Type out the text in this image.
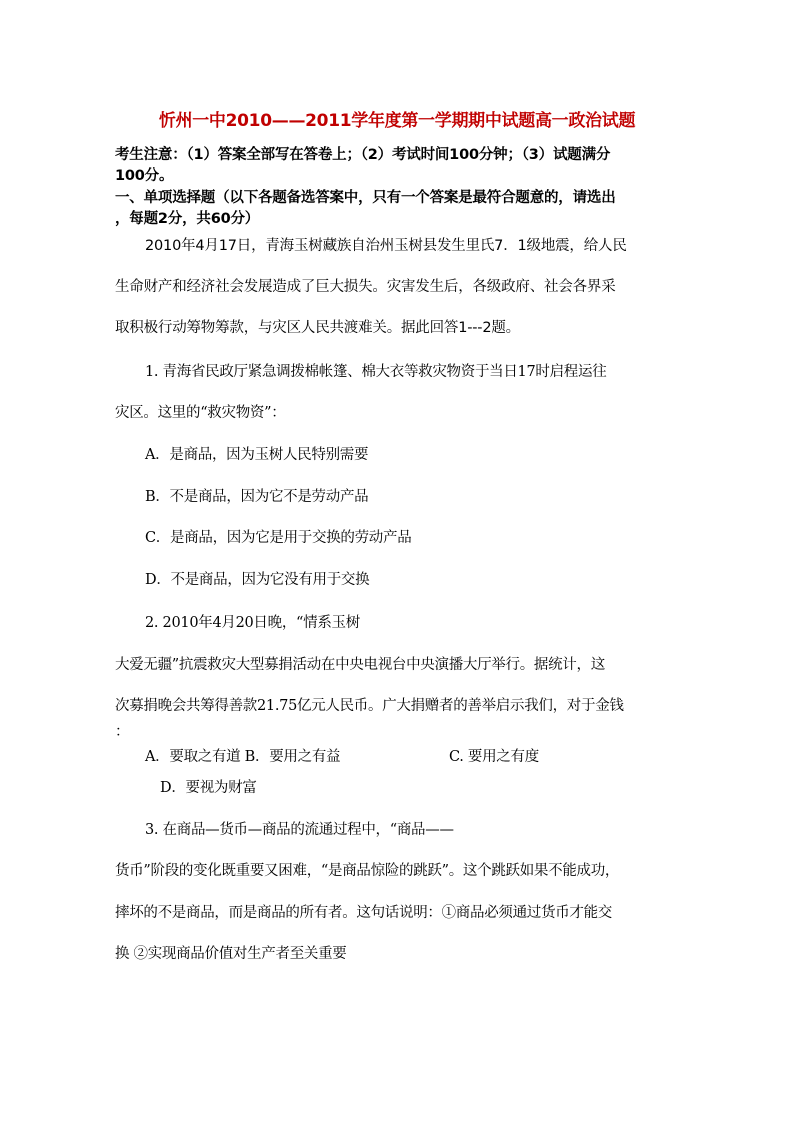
忻州一中2010——2011学年度第一学期期中试题高一政治试题
考生注意：（1）答案全部写在答卷上；（2）考试时间100分钟；（3）试题满分
100分。
一、单项选择题（以下各题备选答案中，只有一个答案是最符合题意的，请选出
，每题2分，共60分）
2010年4月17日，青海玉树藏族自治州玉树县发生里氏7．1级地震，给人民
生命财产和经济社会发展造成了巨大损失。灾害发生后，各级政府、社会各界采
取积极行动筹物筹款，与灾区人民共渡难关。据此回答1---2题。
1. 青海省民政厅紧急调拨棉帐篷、棉大衣等救灾物资于当日17时启程运往
灾区。这里的“救灾物资”：
A．是商品，因为玉树人民特别需要
B．不是商品，因为它不是劳动产品
C．是商品，因为它是用于交换的劳动产品
D．不是商品，因为它没有用于交换
2. 2010年4月20日晚，“情系玉树
大爱无疆”抗震救灾大型募捐活动在中央电视台中央演播大厅举行。据统计，这
次募捐晚会共筹得善款21.75亿元人民币。广大捐赠者的善举启示我们，对于金钱
：
A．要取之有道 B．要用之有益	C. 要用之有度
D．要视为财富
3. 在商品—货币—商品的流通过程中，“商品——
货币”阶段的变化既重要又困难，“是商品惊险的跳跃”。这个跳跃如果不能成功，
摔坏的不是商品，而是商品的所有者。这句话说明：①商品必须通过货币才能交
换 ②实现商品价值对生产者至关重要
